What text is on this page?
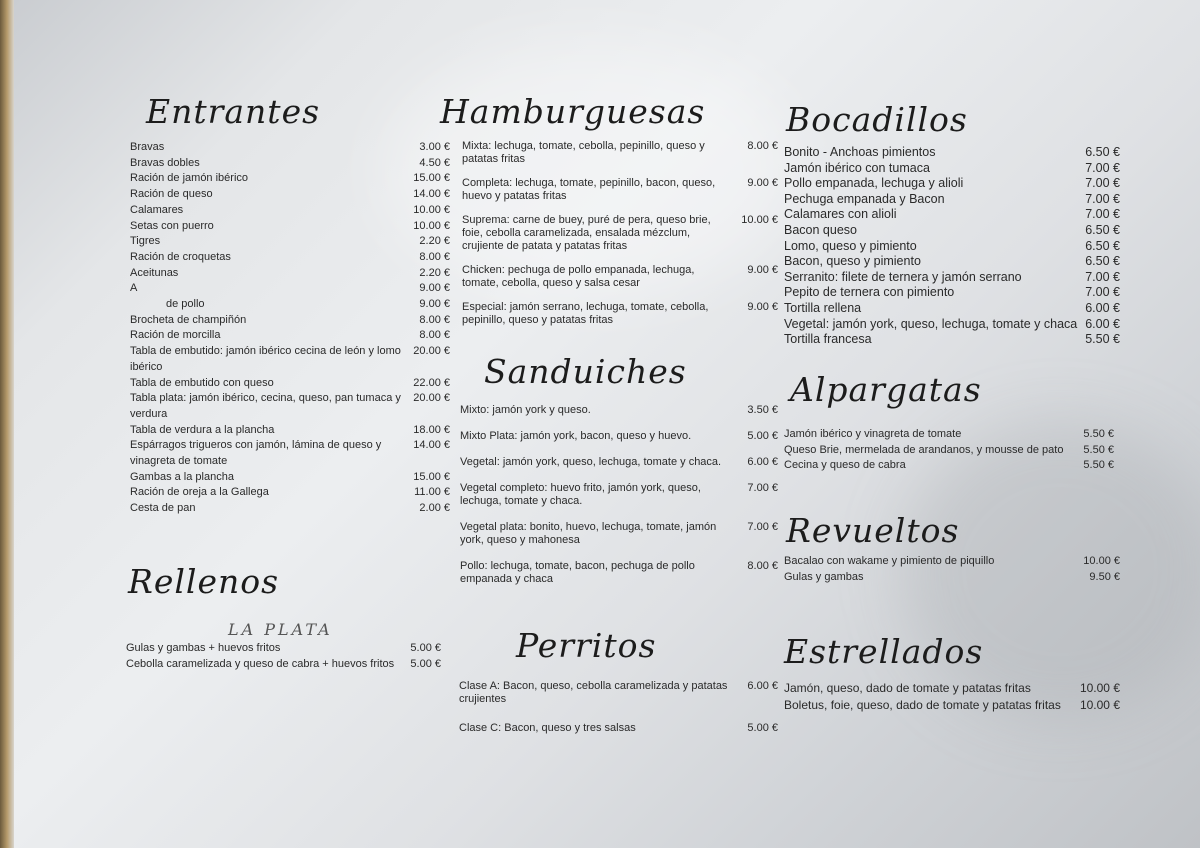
Entrantes
Bravas	3.00 €
Bravas dobles	4.50 €
Ración de jamón ibérico	15.00 €
Ración de queso	14.00 €
Calamares	10.00 €
Setas con puerro	10.00 €
Tigres	2.20 €
Ración de croquetas	8.00 €
Aceitunas	2.20 €
A	9.00 €
de pollo	9.00 €
Brocheta de champiñón	8.00 €
Ración de morcilla	8.00 €
Tabla de embutido: jamón ibérico cecina de león y lomo ibérico
20.00 €
Tabla de embutido con queso	22.00 €
Tabla plata: jamón ibérico, cecina, queso, pan tumaca y verdura
20.00 €
Tabla de verdura a la plancha	18.00 €
Espárragos trigueros con jamón, lámina de queso y vinagreta de tomate
14.00 €
Gambas a la plancha	15.00 €
Ración de oreja a la Gallega	11.00 €
Cesta de pan	2.00 €
Rellenos
LA PLATA
Gulas y gambas + huevos fritos	5.00 €
Cebolla caramelizada y queso de cabra + huevos fritos	5.00 €
Hamburguesas
Mixta: lechuga, tomate, cebolla, pepinillo, queso y patatas fritas
8.00 €
Completa: lechuga, tomate, pepinillo, bacon, queso, huevo y patatas fritas
9.00 €
Suprema: carne de buey, puré de pera, queso brie, foie, cebolla caramelizada, ensalada mézclum, crujiente de patata y patatas fritas
10.00 €
Chicken: pechuga de pollo empanada, lechuga, tomate, cebolla, queso y salsa cesar
9.00 €
Especial: jamón serrano, lechuga, tomate, cebolla, pepinillo, queso y patatas fritas
9.00 €
Sanduiches
Mixto: jamón york y queso.	3.50 €
Mixto Plata: jamón york, bacon, queso y huevo.	5.00 €
Vegetal: jamón york, queso, lechuga, tomate y chaca.	6.00 €
Vegetal completo: huevo frito, jamón york, queso, lechuga, tomate y chaca.
7.00 €
Vegetal plata: bonito, huevo, lechuga, tomate, jamón york, queso y mahonesa
7.00 €
Pollo: lechuga, tomate, bacon, pechuga de pollo empanada y chaca
8.00 €
Perritos
Clase A: Bacon, queso, cebolla caramelizada y patatas crujientes
6.00 €
Clase C: Bacon, queso y tres salsas	5.00 €
Bocadillos
Bonito - Anchoas pimientos	6.50 €
Jamón ibérico con tumaca	7.00 €
Pollo empanada, lechuga y alioli	7.00 €
Pechuga empanada y Bacon	7.00 €
Calamares con alioli	7.00 €
Bacon queso	6.50 €
Lomo, queso y pimiento	6.50 €
Bacon, queso y pimiento	6.50 €
Serranito: filete de ternera y jamón serrano	7.00 €
Pepito de ternera con pimiento	7.00 €
Tortilla rellena	6.00 €
Vegetal: jamón york, queso, lechuga, tomate y chaca 6.00 €
Tortilla francesa	5.50 €
Alpargatas
Jamón ibérico y vinagreta de tomate	5.50 €
Queso Brie, mermelada de arandanos, y mousse de pato	5.50 €
Cecina y queso de cabra	5.50 €
Revueltos
Bacalao con wakame y pimiento de piquillo	10.00 €
Gulas y gambas	9.50 €
Estrellados
Jamón, queso, dado de tomate y patatas fritas	10.00 €
Boletus, foie, queso, dado de tomate y patatas fritas	10.00 €
